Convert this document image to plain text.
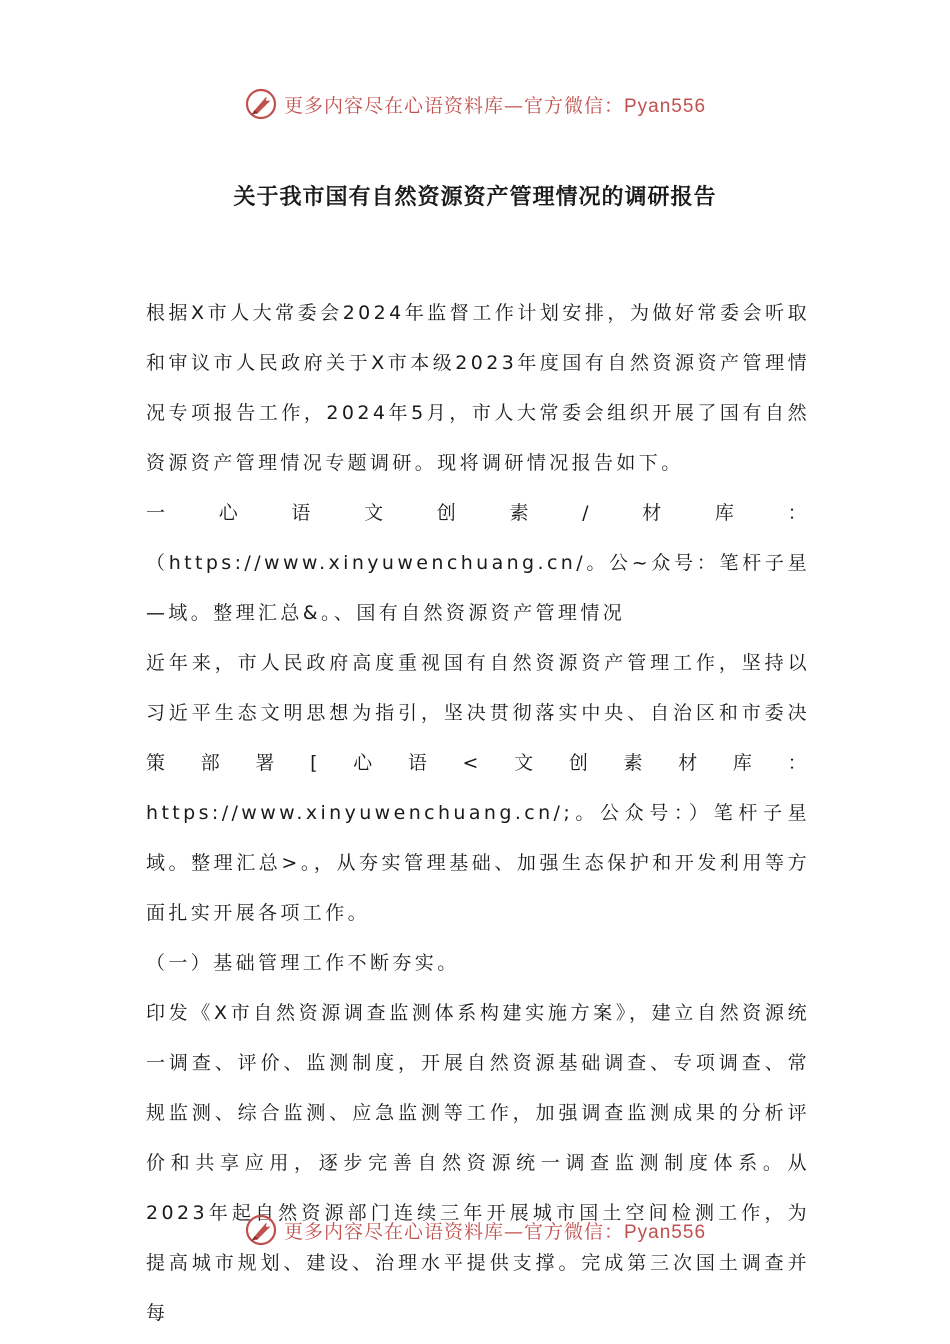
更多内容尽在心语资料库—官方微信：Pyan556
关于我市国有自然资源资产管理情况的调研报告

根据X市人大常委会2024年监督工作计划安排，为做好常委会听取和审议市人民政府关于X市本级2023年度国有自然资源资产管理情况专项报告工作，2024年5月，市人大常委会组织开展了国有自然资源资产管理情况专题调研。现将调研情况报告如下。

一心语文创素/材库：（https://www.xinyuwenchuang.cn/。公~众号：笔杆子星—域。整理汇总&。、国有自然资源资产管理情况

近年来，市人民政府高度重视国有自然资源资产管理工作，坚持以习近平生态文明思想为指引，坚决贯彻落实中央、自治区和市委决策部署[心语<文创素材库：https://www.xinyuwenchuang.cn/;。公众号：）笔杆子星域。整理汇总>。，从夯实管理基础、加强生态保护和开发利用等方面扎实开展各项工作。

（一）基础管理工作不断夯实。

印发《X市自然资源调查监测体系构建实施方案》，建立自然资源统一调查、评价、监测制度，开展自然资源基础调查、专项调查、常规监测、综合监测、应急监测等工作，加强调查监测成果的分析评价和共享应用，逐步完善自然资源统一调查监测制度体系。从2023年起自然资源部门连续三年开展城市国土空间检测工作，为提高城市规划、建设、治理水平提供支撑。完成第三次国土调查并每

更多内容尽在心语资料库—官方微信：Pyan556
